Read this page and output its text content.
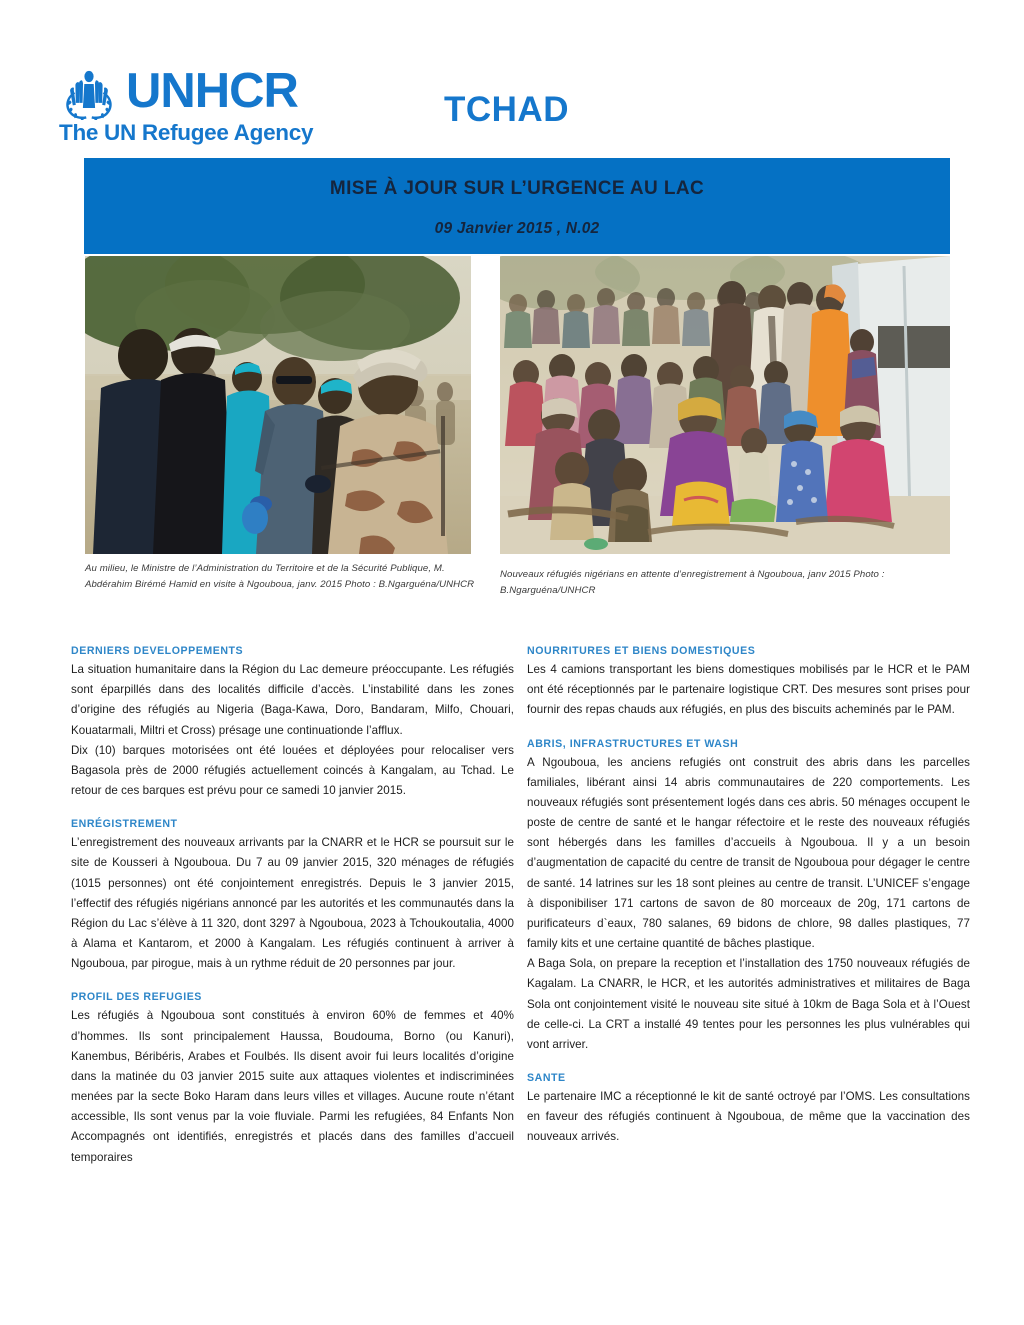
UNHCR
The UN Refugee Agency
TCHAD
MISE À JOUR SUR L’URGENCE AU LAC
09 Janvier 2015 , N.02
Au milieu, le Ministre de l’Administration du Territoire et de la Sécurité Publique, M. Abdérahim Birémé Hamid en visite à Ngouboua, janv. 2015 Photo : B.Ngarguéna/UNHCR
Nouveaux réfugiés nigérians en attente d’enregistrement à Ngouboua, janv 2015 Photo : B.Ngarguéna/UNHCR
DERNIERS DEVELOPPEMENTS

La situation humanitaire dans la Région du Lac demeure préoccupante. Les réfugiés sont éparpillés dans des localités difficile d’accès. L’instabilité dans les zones d’origine des réfugiés au Nigeria (Baga-Kawa, Doro, Bandaram, Milfo, Chouari, Kouatarmali, Miltri et Cross) présage une continuationde l’afflux.

Dix (10) barques motorisées ont été louées et déployées pour relocaliser vers Bagasola près de 2000 réfugiés actuellement coincés à Kangalam, au Tchad. Le retour de ces barques est prévu pour ce samedi 10 janvier 2015.

ENRÉGISTREMENT

L’enregistrement des nouveaux arrivants par la CNARR et le HCR se poursuit sur le site de Kousseri à Ngouboua. Du 7 au 09 janvier 2015, 320 ménages de réfugiés (1015 personnes) ont été conjointement enregistrés. Depuis le 3 janvier 2015, l’effectif des réfugiés nigérians annoncé par les autorités et les communautés dans la Région du Lac s’élève à 11 320, dont 3297 à Ngouboua, 2023 à Tchoukoutalia, 4000 à Alama et Kantarom, et 2000 à Kangalam. Les réfugiés continuent à arriver à Ngouboua, par pirogue, mais à un rythme réduit de 20 personnes par jour.

PROFIL DES REFUGIES

Les réfugiés à Ngouboua sont constitués à environ 60% de femmes et 40% d’hommes. Ils sont principalement Haussa, Boudouma, Borno (ou Kanuri), Kanembus, Béribéris, Arabes et Foulbés. Ils disent avoir fui leurs localités d’origine dans la matinée du 03 janvier 2015 suite aux attaques violentes et indiscriminées menées par la secte Boko Haram dans leurs villes et villages. Aucune route n’étant accessible, Ils sont venus par la voie fluviale. Parmi les refugiées, 84 Enfants Non Accompagnés ont identifiés, enregistrés et placés dans des familles d’accueil temporaires

NOURRITURES ET BIENS DOMESTIQUES

Les 4 camions transportant les biens domestiques mobilisés par le HCR et le PAM ont été réceptionnés par le partenaire logistique CRT. Des mesures sont prises pour fournir des repas chauds aux réfugiés, en plus des biscuits acheminés par le PAM.

ABRIS, INFRASTRUCTURES ET WASH

A Ngouboua, les anciens refugiés ont construit des abris dans les parcelles familiales, libérant ainsi 14 abris communautaires de 220 comportements. Les nouveaux réfugiés sont présentement logés dans ces abris. 50 ménages occupent le poste de centre de santé et le hangar réfectoire et le reste des nouveaux réfugiés sont hébergés dans les familles d’accueils à Ngouboua. Il y a un besoin d’augmentation de capacité du centre de transit de Ngouboua pour dégager le centre de santé. 14 latrines sur les 18 sont pleines au centre de transit. L’UNICEF s’engage à disponibiliser 171 cartons de savon de 80 morceaux de 20g, 171 cartons de purificateurs d`eaux, 780 salanes, 69 bidons de chlore, 98 dalles plastiques, 77 family kits et une certaine quantité de bâches plastique.

A Baga Sola, on prepare la reception et l’installation des 1750 nouveaux réfugiés de Kagalam. La CNARR, le HCR, et les autorités administratives et militaires de Baga Sola ont conjointement visité le nouveau site situé à 10km de Baga Sola et à l’Ouest de celle-ci. La CRT a installé 49 tentes pour les personnes les plus vulnérables qui vont arriver.

SANTE

Le partenaire IMC a réceptionné le kit de santé octroyé par l’OMS. Les consultations en faveur des réfugiés continuent à Ngouboua, de même que la vaccination des nouveaux arrivés.
